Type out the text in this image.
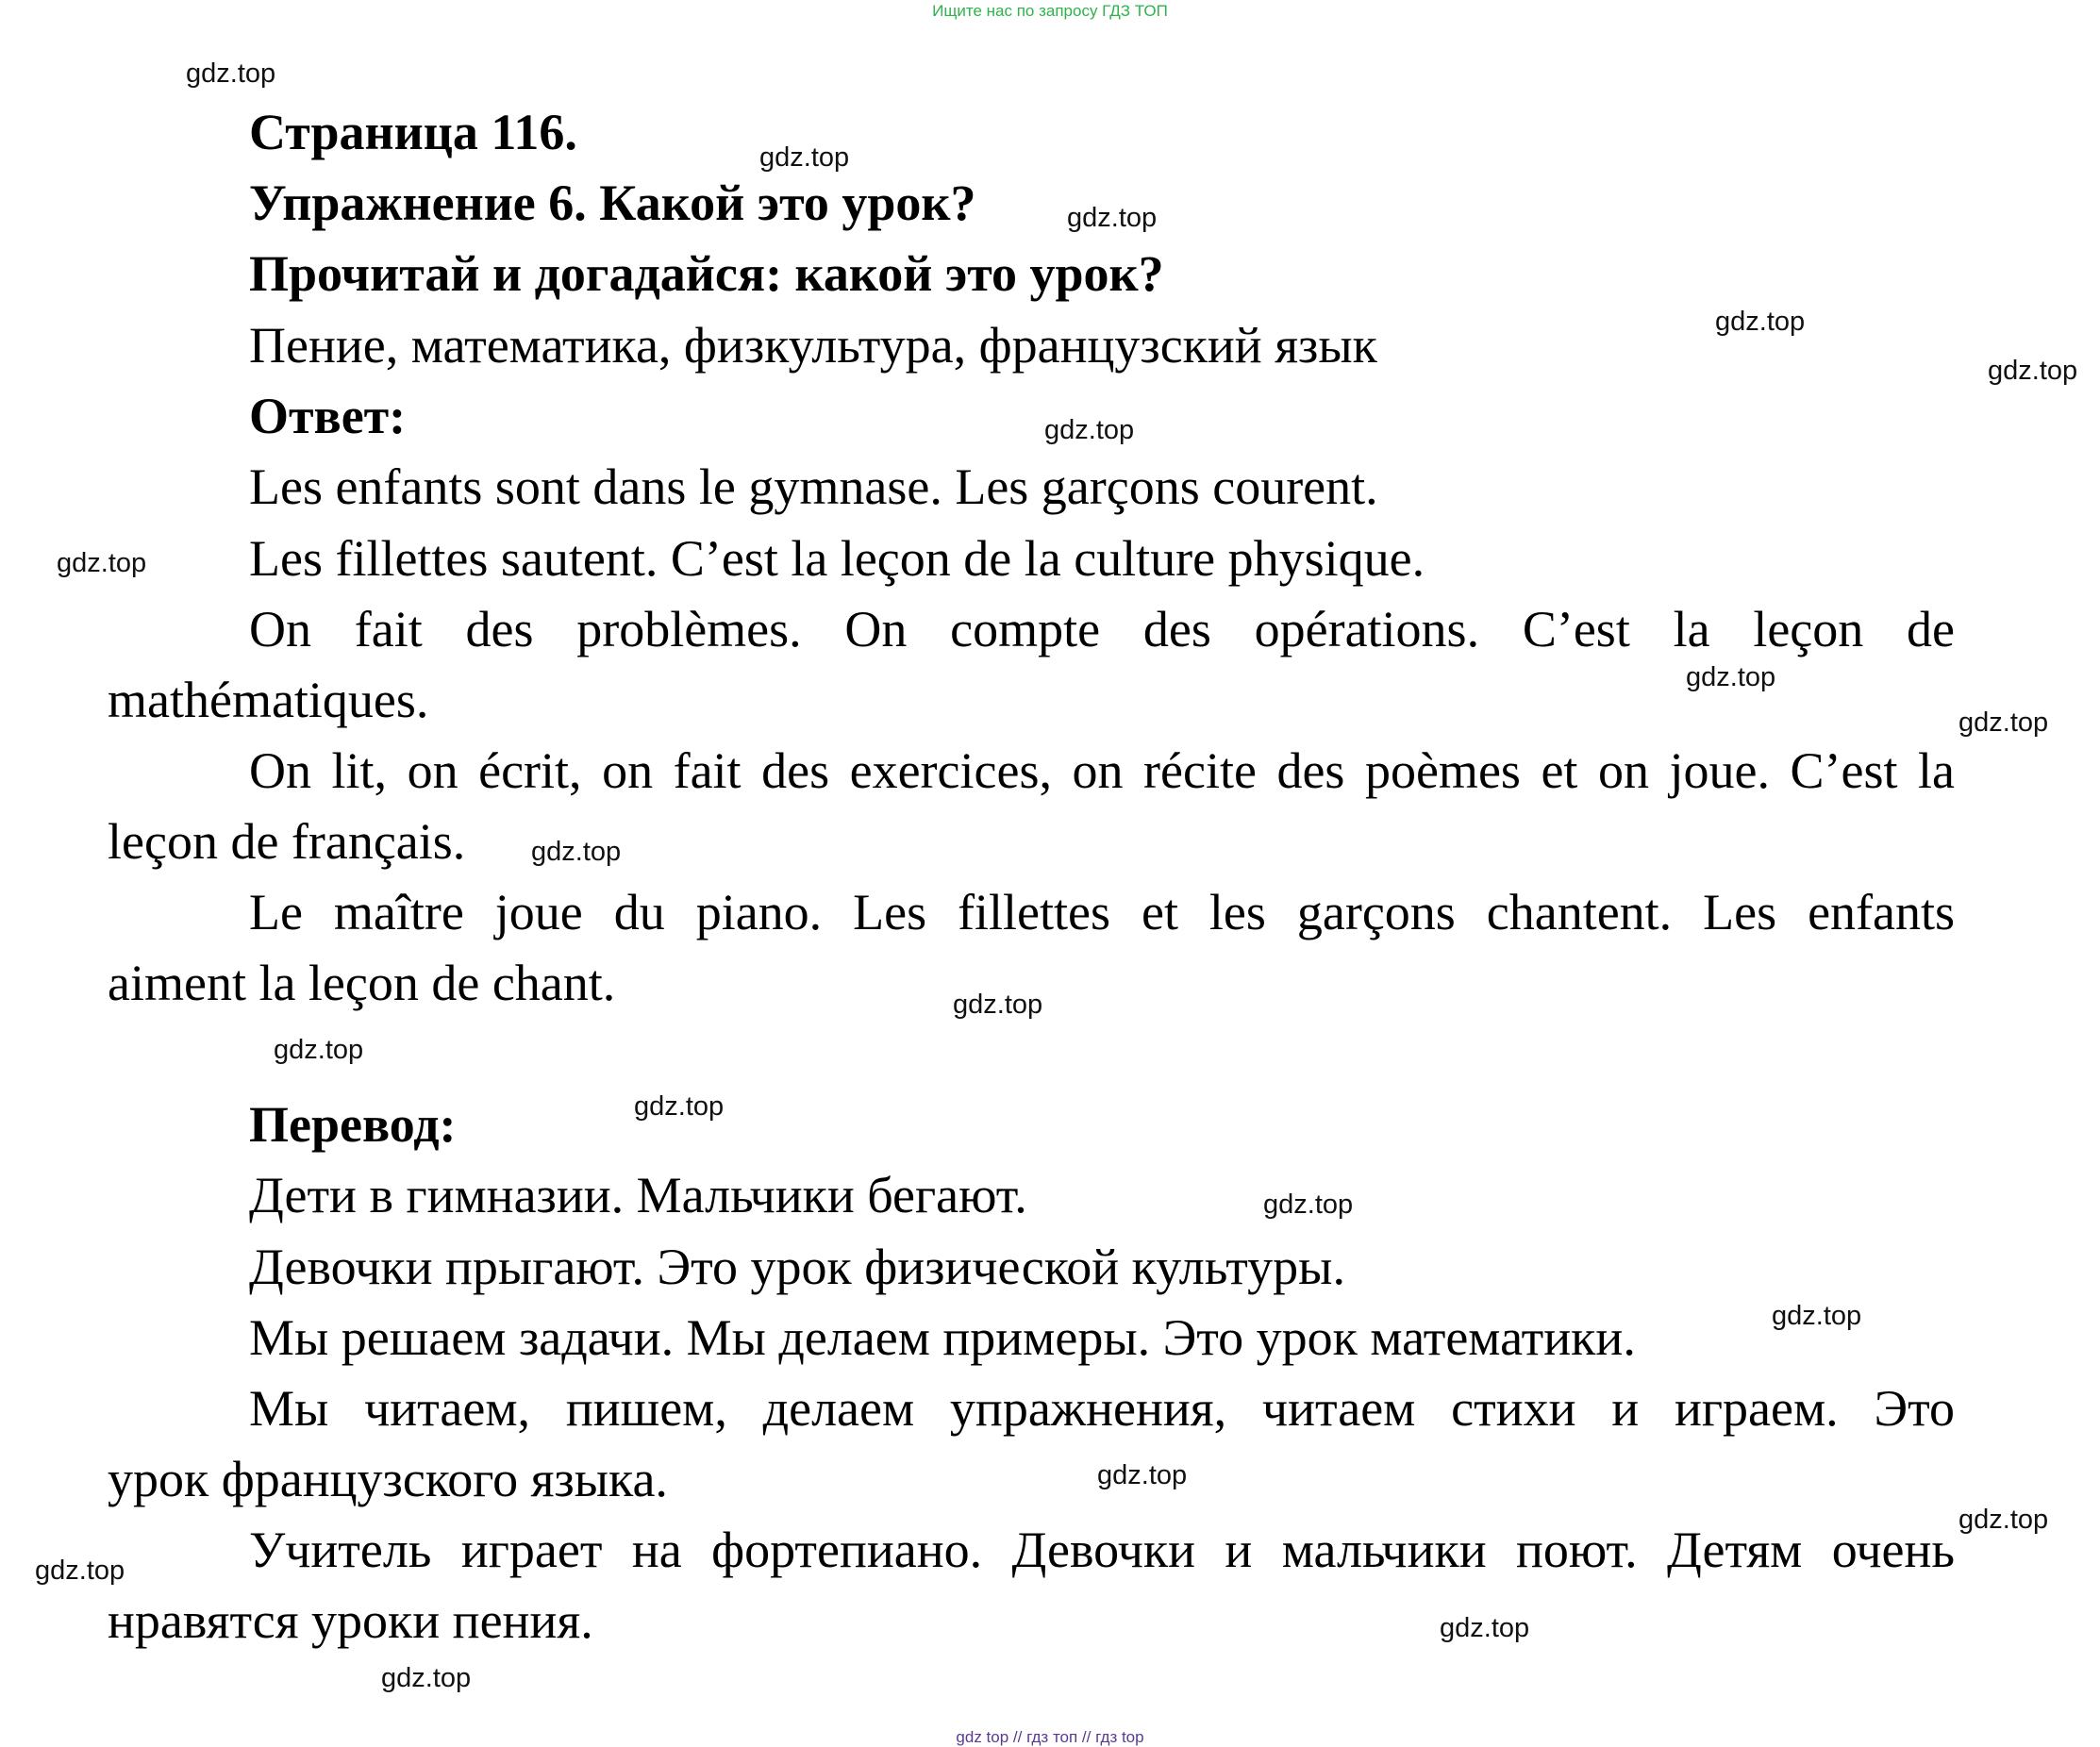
Ищите нас по запросу ГДЗ ТОП
Страница 116.
Упражнение 6. Какой это урок?
Прочитай и догадайся: какой это урок?
Пение, математика, физкультура, французский язык
Ответ:
Les enfants sont dans le gymnase. Les garçons courent.
Les fillettes sautent. C’est la leçon de la culture physique.
On fait des problèmes. On compte des opérations. C’est la leçon de
mathématiques.
On lit, on écrit, on fait des exercices, on récite des poèmes et on joue. C’est la
leçon de français.
Le maître joue du piano. Les fillettes et les garçons chantent. Les enfants
aiment la leçon de chant.
Перевод:
Дети в гимназии. Мальчики бегают.
Девочки прыгают. Это урок физической культуры.
Мы решаем задачи. Мы делаем примеры. Это урок математики.
Мы читаем, пишем, делаем упражнения, читаем стихи и играем. Это
урок французского языка.
Учитель играет на фортепиано. Девочки и мальчики поют. Детям очень
нравятся уроки пения.
gdz.top
gdz.top
gdz.top
gdz.top
gdz.top
gdz.top
gdz.top
gdz.top
gdz.top
gdz.top
gdz.top
gdz.top
gdz.top
gdz.top
gdz.top
gdz.top
gdz.top
gdz.top
gdz.top
gdz.top
gdz top // гдз топ // гдз top
